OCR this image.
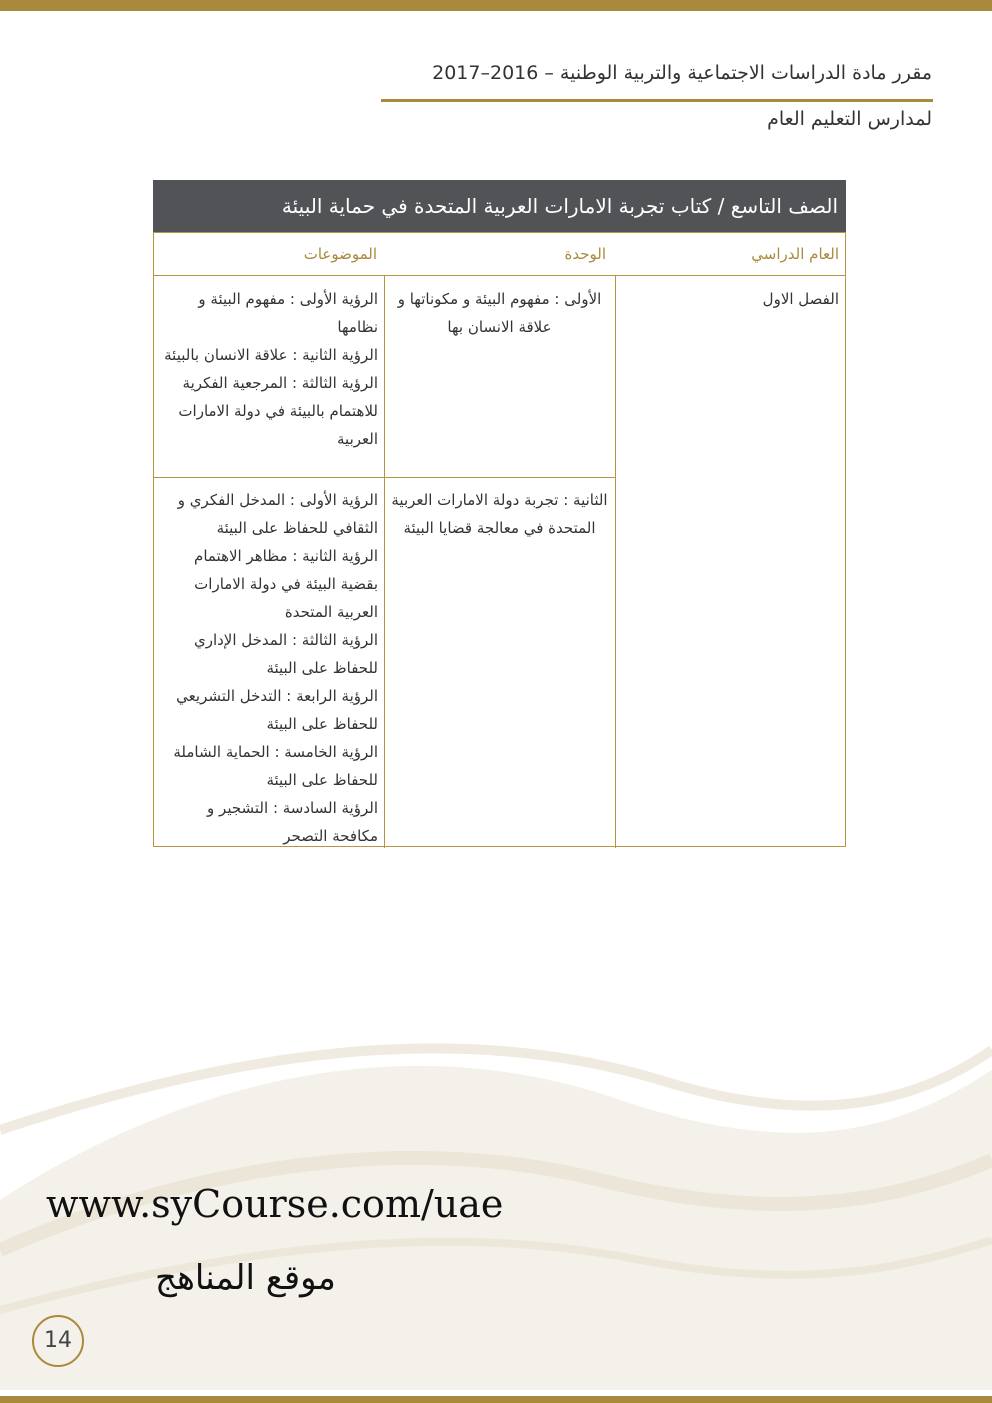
مقرر مادة الدراسات الاجتماعية والتربية الوطنية – 2016–2017
لمدارس التعليم العام
الصف التاسع / كتاب تجربة الامارات العربية المتحدة في حماية البيئة
العام الدراسي
الوحدة
الموضوعات
الفصل الاول
الأولى : مفهوم البيئة و مكوناتها و علاقة الانسان بها
الرؤية الأولى : مفهوم البيئة و نظامها
الرؤية الثانية : علاقة الانسان بالبيئة
الرؤية الثالثة : المرجعية الفكرية للاهتمام بالبيئة في دولة الامارات العربية
الثانية : تجربة دولة الامارات العربية المتحدة في معالجة قضايا البيئة
الرؤية الأولى : المدخل الفكري و الثقافي للحفاظ على البيئة
الرؤية الثانية : مظاهر الاهتمام بقضية البيئة في دولة الامارات العربية المتحدة
الرؤية الثالثة : المدخل الإداري للحفاظ على البيئة
الرؤية الرابعة : التدخل التشريعي للحفاظ على البيئة
الرؤية الخامسة : الحماية الشاملة للحفاظ على البيئة
الرؤية السادسة : التشجير و مكافحة التصحر
www.syCourse.com/uae
موقع المناهج
14
